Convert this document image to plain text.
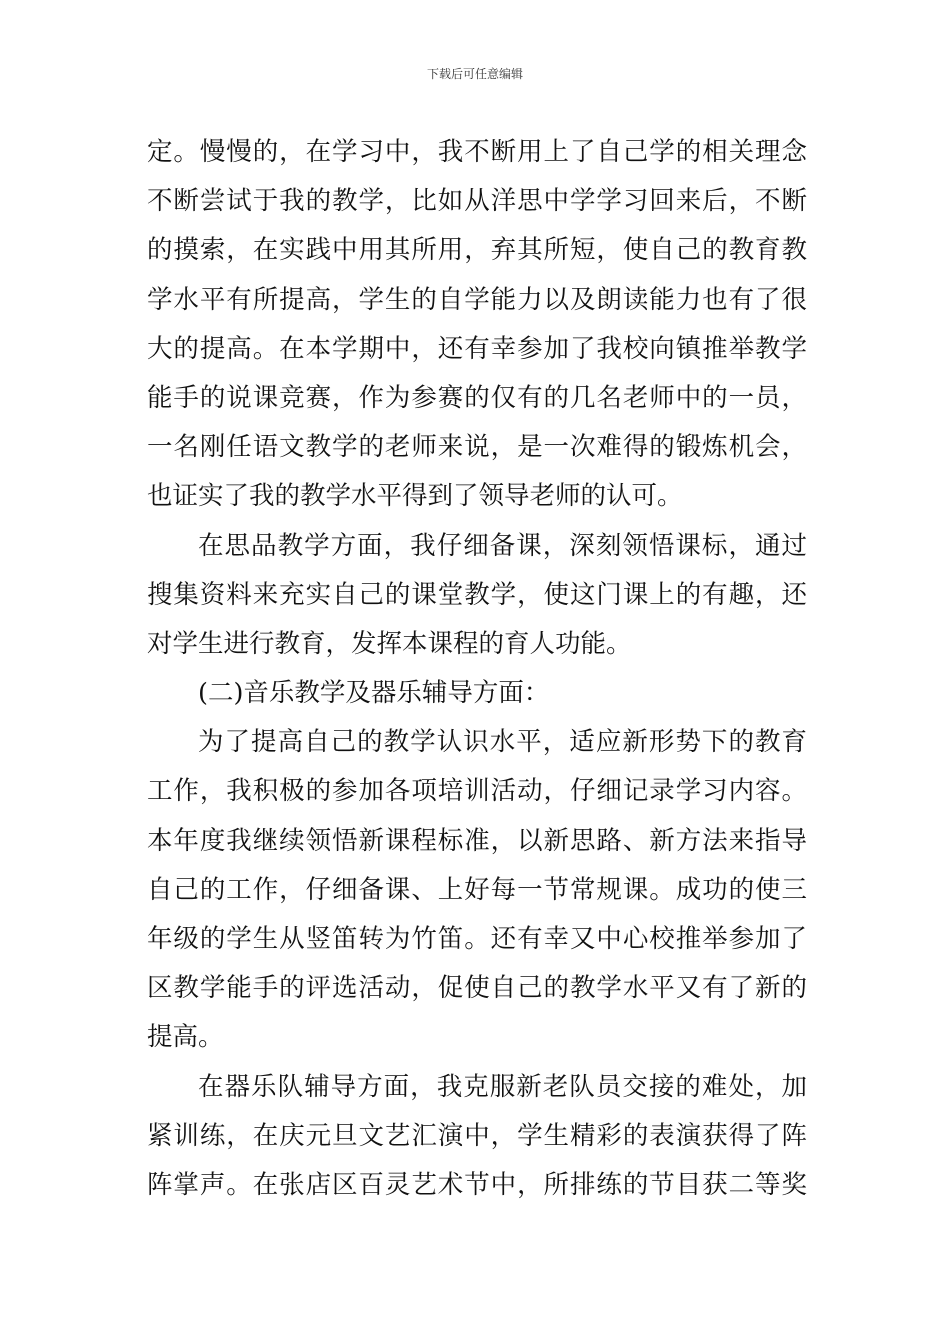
下载后可任意编辑
定。慢慢的，在学习中，我不断用上了自己学的相关理念
不断尝试于我的教学，比如从洋思中学学习回来后，不断
的摸索，在实践中用其所用，弃其所短，使自己的教育教
学水平有所提高，学生的自学能力以及朗读能力也有了很
大的提高。在本学期中，还有幸参加了我校向镇推举教学
能手的说课竞赛，作为参赛的仅有的几名老师中的一员，
一名刚任语文教学的老师来说，是一次难得的锻炼机会，
也证实了我的教学水平得到了领导老师的认可。
在思品教学方面，我仔细备课，深刻领悟课标，通过
搜集资料来充实自己的课堂教学，使这门课上的有趣，还
对学生进行教育，发挥本课程的育人功能。
(二)音乐教学及器乐辅导方面：
为了提高自己的教学认识水平，适应新形势下的教育
工作，我积极的参加各项培训活动，仔细记录学习内容。
本年度我继续领悟新课程标准，以新思路、新方法来指导
自己的工作，仔细备课、上好每一节常规课。成功的使三
年级的学生从竖笛转为竹笛。还有幸又中心校推举参加了
区教学能手的评选活动，促使自己的教学水平又有了新的
提高。
在器乐队辅导方面，我克服新老队员交接的难处，加
紧训练，在庆元旦文艺汇演中，学生精彩的表演获得了阵
阵掌声。在张店区百灵艺术节中，所排练的节目获二等奖
